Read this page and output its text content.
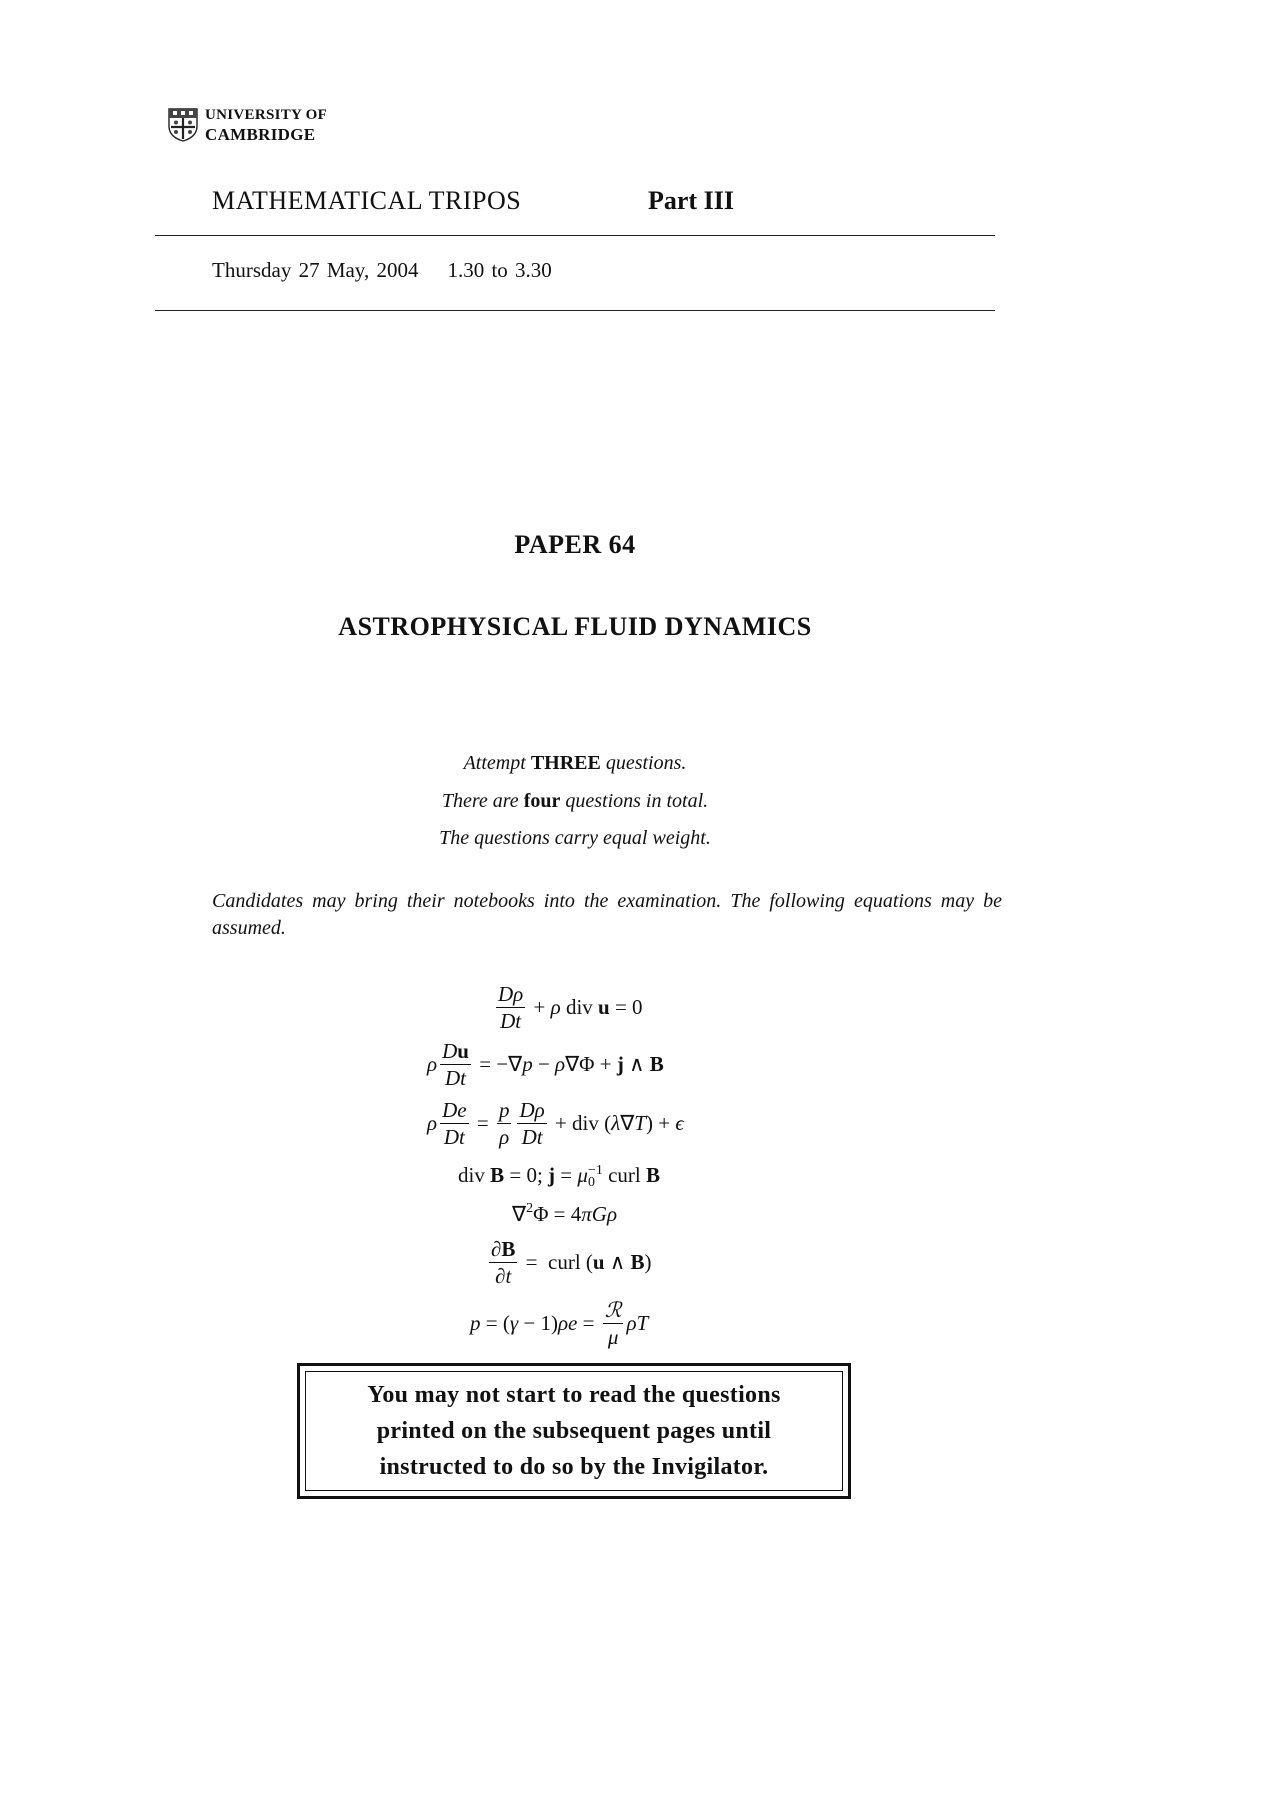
UNIVERSITY OF
CAMBRIDGE
MATHEMATICAL TRIPOS	Part III
Thursday 27 May, 2004    1.30 to 3.30
PAPER 64
ASTROPHYSICAL FLUID DYNAMICS
Attempt THREE questions.
There are four questions in total.
The questions carry equal weight.
Candidates may bring their notebooks into the examination. The following equations may be assumed.
$\frac{D\rho}{Dt} + \rho$ div u = 0
ρ $\frac{Du}{Dt} = -\nabla p - \rho\nabla\Phi + j$ ∧ B
ρ $\frac{De}{Dt} = \frac{p}{\rho} \frac{D\rho}{Dt}$ + div (λ∇T) + ϵ
div B = 0; j = μ −1
0 curl B
∇$^2$Φ = 4πGρ
$\frac{\partial B}{\partial t}$ =  curl (u ∧ B)
$p = (\gamma - 1)\rho e = \frac{\text{ℛ}}{\mu}$ ρT
You may not start to read the questions
printed on the subsequent pages until
instructed to do so by the Invigilator.
